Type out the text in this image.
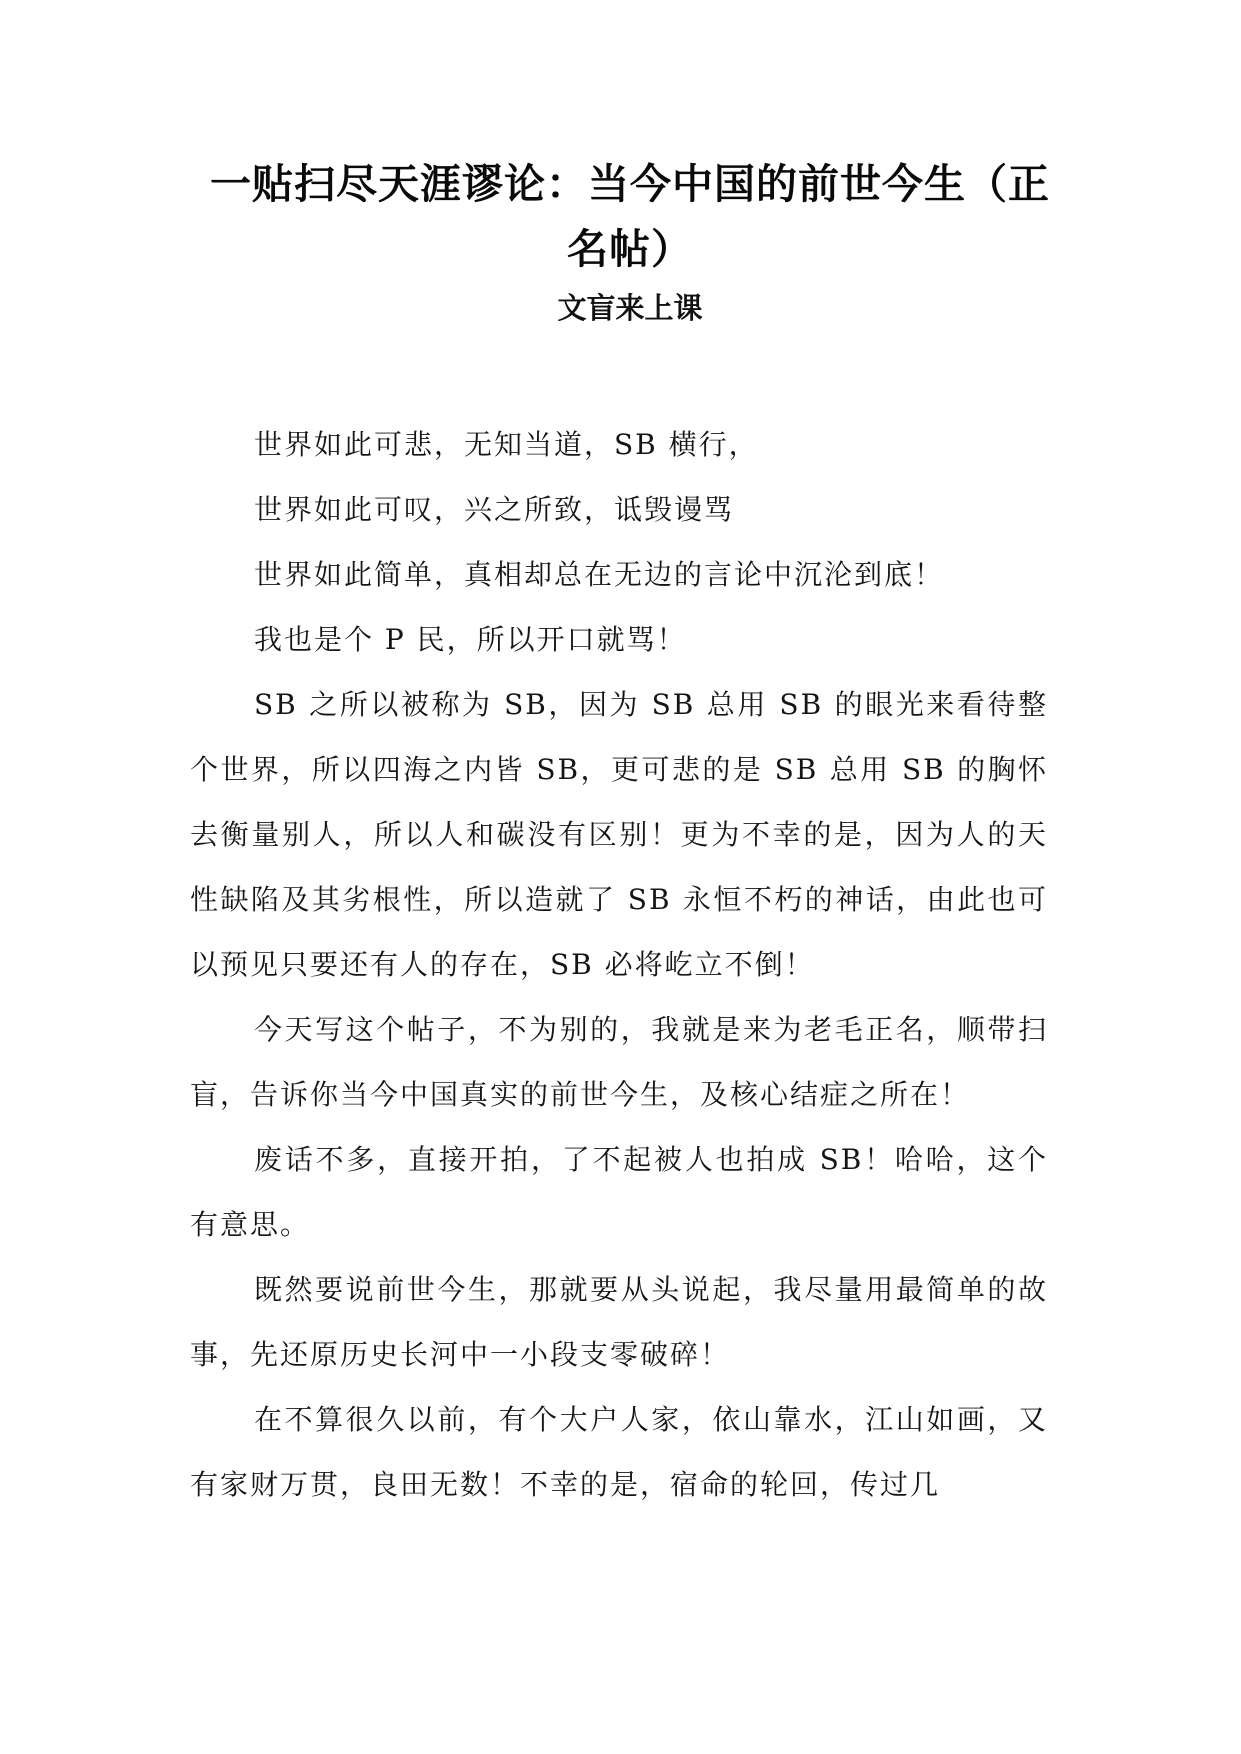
一贴扫尽天涯谬论：当今中国的前世今生（正名帖）
文盲来上课

世界如此可悲，无知当道，SB 横行，

世界如此可叹，兴之所致，诋毁谩骂

世界如此简单，真相却总在无边的言论中沉沦到底！

我也是个 P 民，所以开口就骂！

SB 之所以被称为 SB，因为 SB 总用 SB 的眼光来看待整个世界，所以四海之内皆 SB，更可悲的是 SB 总用 SB 的胸怀去衡量别人，所以人和碳没有区别！更为不幸的是，因为人的天性缺陷及其劣根性，所以造就了 SB 永恒不朽的神话，由此也可以预见只要还有人的存在，SB 必将屹立不倒！

今天写这个帖子，不为别的，我就是来为老毛正名，顺带扫盲，告诉你当今中国真实的前世今生，及核心结症之所在！

废话不多，直接开拍，了不起被人也拍成 SB！哈哈，这个有意思。

既然要说前世今生，那就要从头说起，我尽量用最简单的故事，先还原历史长河中一小段支零破碎！

在不算很久以前，有个大户人家，依山靠水，江山如画，又有家财万贯，良田无数！不幸的是，宿命的轮回，传过几
